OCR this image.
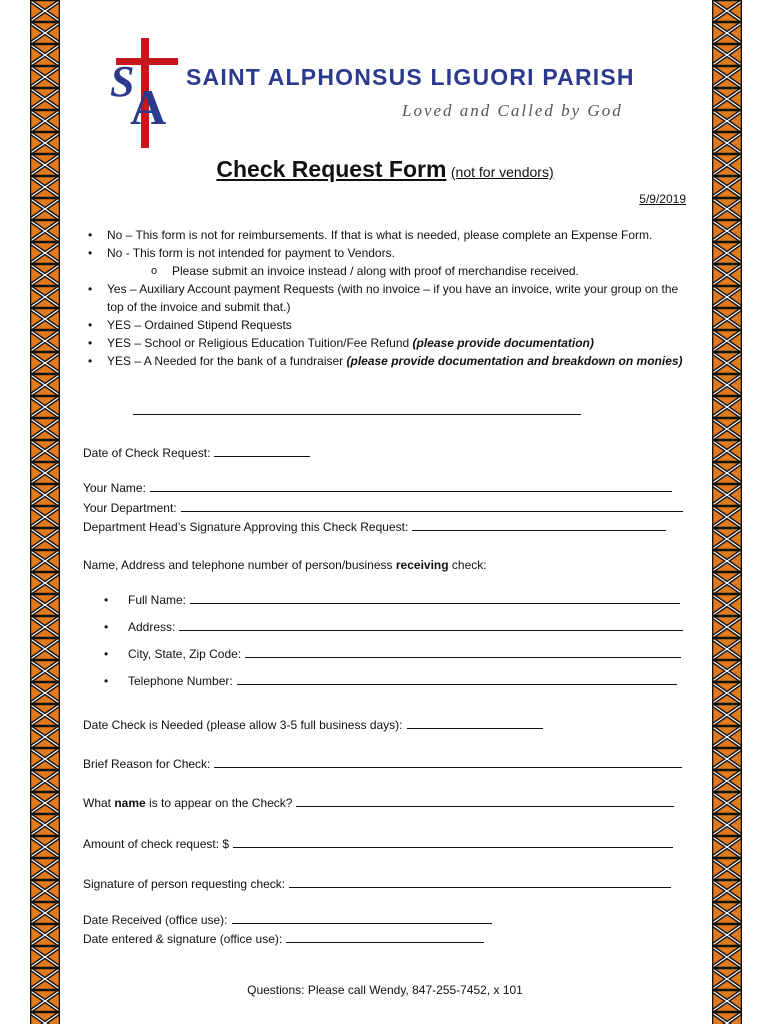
S
A
SAINT ALPHONSUS LIGUORI PARISH
Loved and Called by God
Check Request Form (not for vendors)
5/9/2019
• No – This form is not for reimbursements. If that is what is needed, please complete an Expense Form.
• No - This form is not intended for payment to Vendors.
o Please submit an invoice instead / along with proof of merchandise received.
• Yes – Auxiliary Account payment Requests (with no invoice – if you have an invoice, write your group on the top of the invoice and submit that.)
• YES – Ordained Stipend Requests
• YES – School or Religious Education Tuition/Fee Refund (please provide documentation)
• YES – A Needed for the bank of a fundraiser (please provide documentation and breakdown on monies)
Date of Check Request:
Your Name:
Your Department:
Department Head’s Signature Approving this Check Request:
Name, Address and telephone number of person/business receiving check:
• Full Name:
• Address:
• City, State, Zip Code:
• Telephone Number:
Date Check is Needed (please allow 3-5 full business days):
Brief Reason for Check:
What name is to appear on the Check?
Amount of check request: $
Signature of person requesting check:
Date Received (office use):
Date entered & signature (office use):
Questions: Please call Wendy, 847-255-7452, x 101
